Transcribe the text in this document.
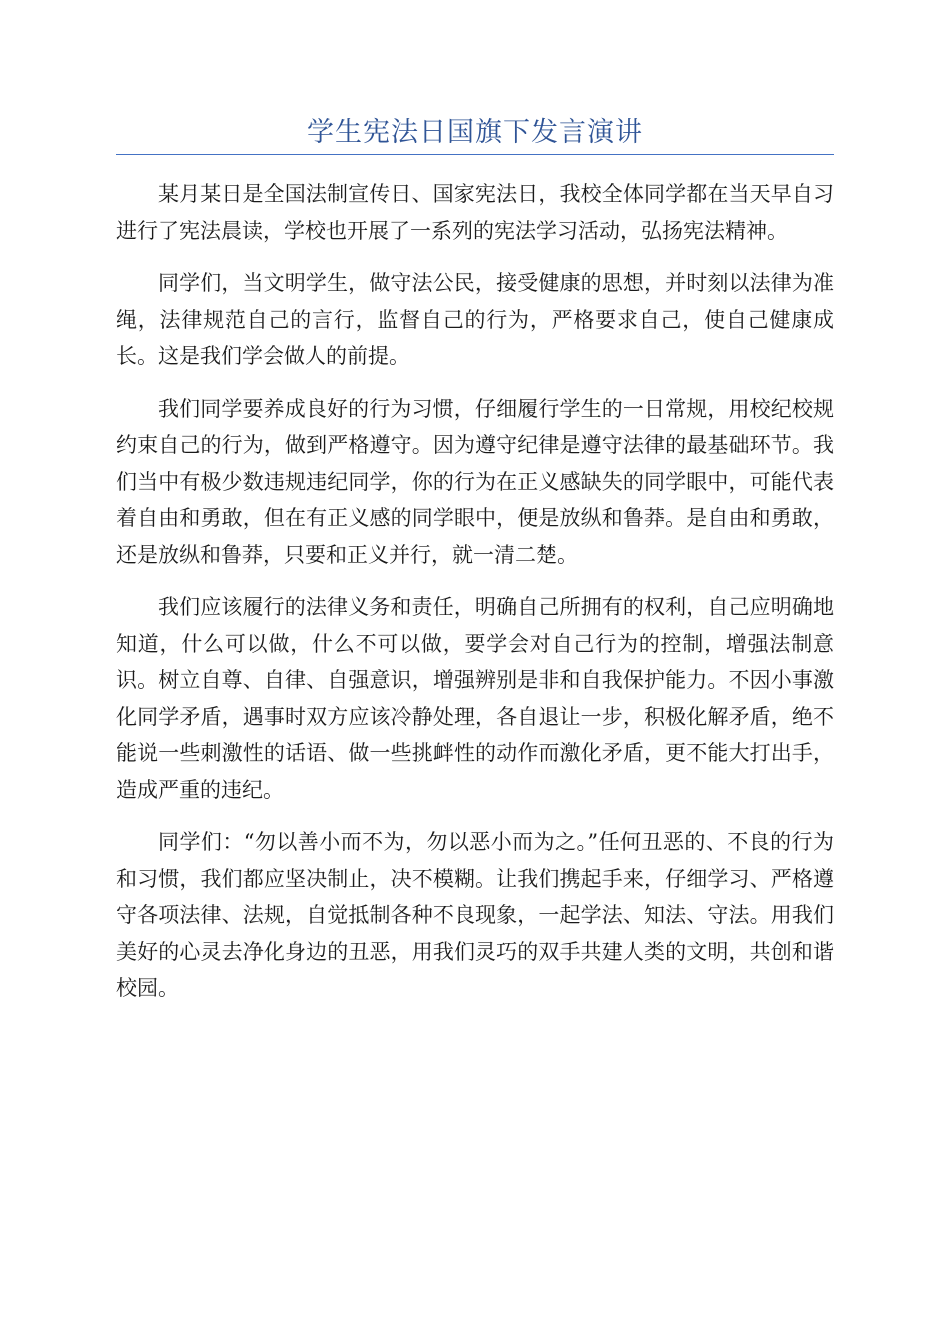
学生宪法日国旗下发言演讲

某月某日是全国法制宣传日、国家宪法日，我校全体同学都在当天早自习进行了宪法晨读，学校也开展了一系列的宪法学习活动，弘扬宪法精神。

同学们，当文明学生，做守法公民，接受健康的思想，并时刻以法律为准绳，法律规范自己的言行，监督自己的行为，严格要求自己，使自己健康成长。这是我们学会做人的前提。

我们同学要养成良好的行为习惯，仔细履行学生的一日常规，用校纪校规约束自己的行为，做到严格遵守。因为遵守纪律是遵守法律的最基础环节。我们当中有极少数违规违纪同学，你的行为在正义感缺失的同学眼中，可能代表着自由和勇敢，但在有正义感的同学眼中，便是放纵和鲁莽。是自由和勇敢，还是放纵和鲁莽，只要和正义并行，就一清二楚。

我们应该履行的法律义务和责任，明确自己所拥有的权利，自己应明确地知道，什么可以做，什么不可以做，要学会对自己行为的控制，增强法制意识。树立自尊、自律、自强意识，增强辨别是非和自我保护能力。不因小事激化同学矛盾，遇事时双方应该冷静处理，各自退让一步，积极化解矛盾，绝不能说一些刺激性的话语、做一些挑衅性的动作而激化矛盾，更不能大打出手，造成严重的违纪。

同学们：“勿以善小而不为，勿以恶小而为之。”任何丑恶的、不良的行为和习惯，我们都应坚决制止，决不模糊。让我们携起手来，仔细学习、严格遵守各项法律、法规，自觉抵制各种不良现象，一起学法、知法、守法。用我们美好的心灵去净化身边的丑恶，用我们灵巧的双手共建人类的文明，共创和谐校园。
